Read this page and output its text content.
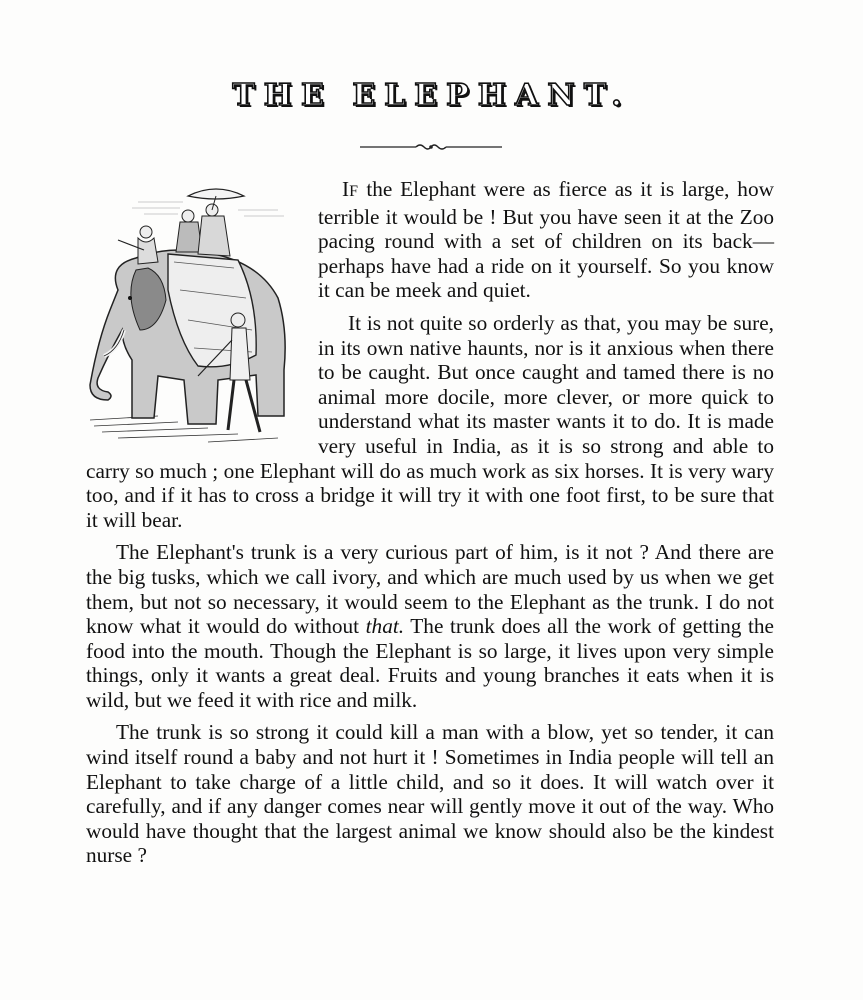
THE ELEPHANT.

IF the Elephant were as fierce as it is large, how terrible it would be ! But you have seen it at the Zoo pacing round with a set of children on its back—perhaps have had a ride on it yourself. So you know it can be meek and quiet.

It is not quite so orderly as that, you may be sure, in its own native haunts, nor is it anxious when there to be caught. But once caught and tamed there is no animal more docile, more clever, or more quick to understand what its master wants it to do. It is made very useful in India, as it is so strong and able to carry so much ; one Elephant will do as much work as six horses. It is very wary too, and if it has to cross a bridge it will try it with one foot first, to be sure that it will bear.

The Elephant's trunk is a very curious part of him, is it not ? And there are the big tusks, which we call ivory, and which are much used by us when we get them, but not so necessary, it would seem to the Elephant as the trunk. I do not know what it would do without that. The trunk does all the work of getting the food into the mouth. Though the Elephant is so large, it lives upon very simple things, only it wants a great deal. Fruits and young branches it eats when it is wild, but we feed it with rice and milk.

The trunk is so strong it could kill a man with a blow, yet so tender, it can wind itself round a baby and not hurt it ! Sometimes in India people will tell an Elephant to take charge of a little child, and so it does. It will watch over it carefully, and if any danger comes near will gently move it out of the way. Who would have thought that the largest animal we know should also be the kindest nurse ?
